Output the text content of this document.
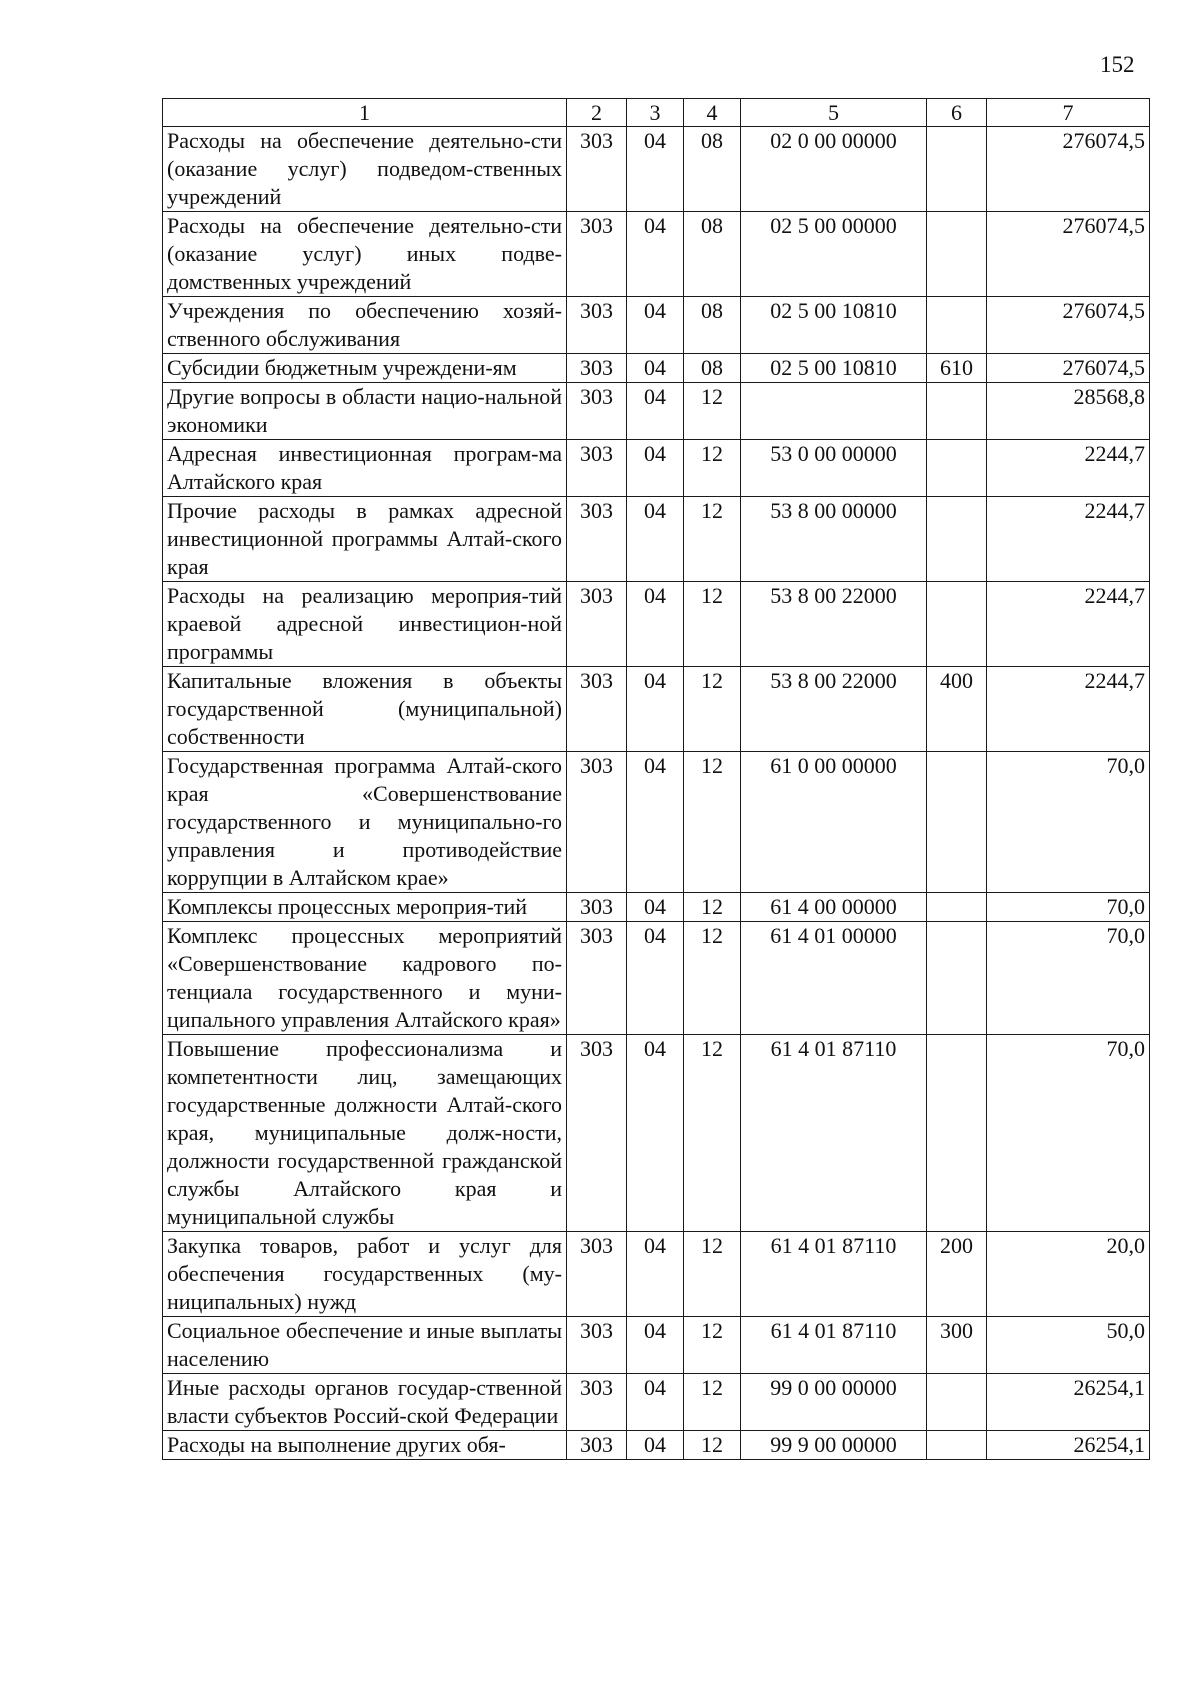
152
1	2	3	4	5	6	7
Расходы на обеспечение деятельно-сти (оказание услуг) подведом-ственных учреждений	303	04	08	02 0 00 00000		276074,5
Расходы на обеспечение деятельно-сти (оказание услуг) иных подве-домственных учреждений	303	04	08	02 5 00 00000		276074,5
Учреждения по обеспечению хозяй-ственного обслуживания	303	04	08	02 5 00 10810		276074,5
Субсидии бюджетным учреждени-ям	303	04	08	02 5 00 10810	610	276074,5
Другие вопросы в области нацио-нальной экономики	303	04	12			28568,8
Адресная инвестиционная програм-ма Алтайского края	303	04	12	53 0 00 00000		2244,7
Прочие расходы в рамках адресной инвестиционной программы Алтай-ского края	303	04	12	53 8 00 00000		2244,7
Расходы на реализацию мероприя-тий краевой адресной инвестицион-ной программы	303	04	12	53 8 00 22000		2244,7
Капитальные вложения в объекты государственной (муниципальной) собственности	303	04	12	53 8 00 22000	400	2244,7
Государственная программа Алтай-ского края «Совершенствование государственного и муниципально-го управления и противодействие коррупции в Алтайском крае»	303	04	12	61 0 00 00000		70,0
Комплексы процессных мероприя-тий	303	04	12	61 4 00 00000		70,0
Комплекс процессных мероприятий «Совершенствование кадрового по-тенциала государственного и муни-ципального управления Алтайского края»	303	04	12	61 4 01 00000		70,0
Повышение профессионализма и компетентности лиц, замещающих государственные должности Алтай-ского края, муниципальные долж-ности, должности государственной гражданской службы Алтайского края и муниципальной службы	303	04	12	61 4 01 87110		70,0
Закупка товаров, работ и услуг для обеспечения государственных (му-ниципальных) нужд	303	04	12	61 4 01 87110	200	20,0
Социальное обеспечение и иные выплаты населению	303	04	12	61 4 01 87110	300	50,0
Иные расходы органов государ-ственной власти субъектов Россий-ской Федерации	303	04	12	99 0 00 00000		26254,1
Расходы на выполнение других обя-	303	04	12	99 9 00 00000		26254,1
